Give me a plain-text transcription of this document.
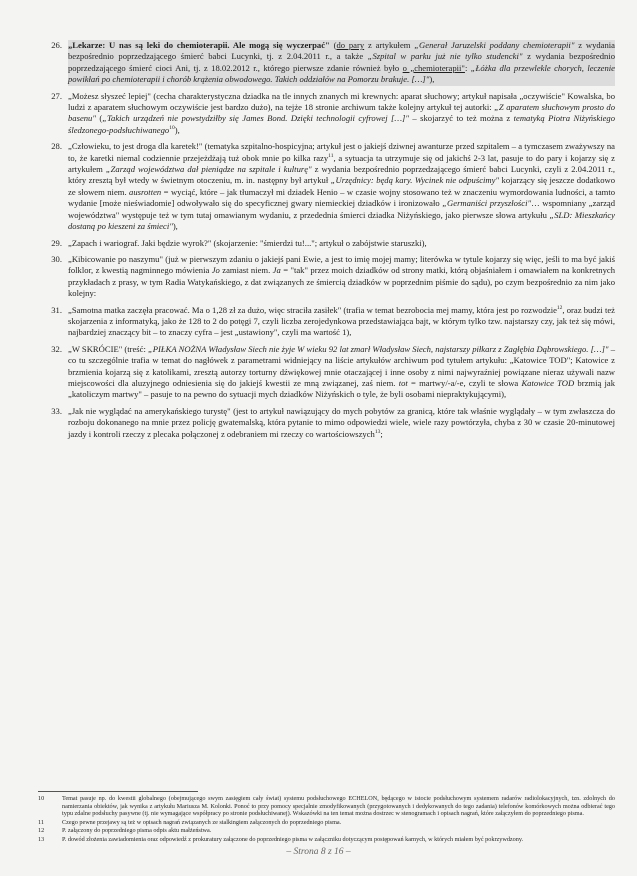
26. „Lekarze: U nas są leki do chemioterapii. Ale mogą się wyczerpać" (do pary z artykułem „Generał Jaruzelski poddany chemioterapii" z wydania bezpośrednio poprzedzającego śmierć babci Lucynki, tj. z 2.04.2011 r., a także „Szpital w parku już nie tylko studencki" z wydania bezpośrednio poprzedzającego śmierć cioci Ani, tj. z 18.02.2012 r., którego pierwsze zdanie również było o „chemioterapii": „Łóżka dla przewlekle chorych, leczenie powikłań po chemioterapii i chorób krążenia obwodowego. Takich oddziałów na Pomorzu brakuje. […]"),
27. „Możesz słyszeć lepiej" (cecha charakterystyczna dziadka na tle innych znanych mi krewnych: aparat słuchowy; artykuł napisała „oczywiście" Kowalska, bo ludzi z aparatem słuchowym oczywiście jest bardzo dużo), na tejże 18 stronie archiwum także kolejny artykuł tej autorki: „Z aparatem słuchowym prosto do basenu" („Takich urządzeń nie powstydziłby się James Bond. Dzięki technologii cyfrowej […]" – skojarzyć to też można z tematyką Piotra Niżyńskiego śledzonego-podsłuchiwanego$^{10}$),
28. „Człowieku, to jest droga dla karetek!" (tematyka szpitalno-hospicyjna; artykuł jest o jakiejś dziwnej awanturze przed szpitalem – a tymczasem zważywszy na to, że karetki niemal codziennie przejeżdżają tuż obok mnie po kilka razy$^{11}$, a sytuacja ta utrzymuje się od jakichś 2-3 lat, pasuje to do pary i kojarzy się z artykułem „Zarząd województwa dał pieniądze na szpitale i kulturę" z wydania bezpośrednio poprzedzającego śmierć babci Lucynki, czyli z 2.04.2011 r., który zresztą był wtedy w świetnym otoczeniu, m. in. następny był artykuł „Urzędnicy: będą kary. Wycinek nie odpuścimy" kojarzący się jeszcze dodatkowo ze słowem niem. ausrotten = wyciąć, które – jak tłumaczył mi dziadek Henio – w czasie wojny stosowano też w znaczeniu wymordowania ludności, a tamto wydanie [może nieświadomie] odwoływało się do specyficznej gwary niemieckiej dziadków i ironizowało „Germaniści przyszłości"… wspomniany „zarząd województwa" występuje też w tym tutaj omawianym wydaniu, z przedednia śmierci dziadka Niżyńskiego, jako pierwsze słowa artykułu „SLD: Mieszkańcy dostaną po kieszeni za śmieci"),
29. „Zapach i wariograf. Jaki będzie wyrok?" (skojarzenie: "śmierdzi tu!..."; artykuł o zabójstwie staruszki),
30. „Kibicowanie po naszymu" (już w pierwszym zdaniu o jakiejś pani Ewie, a jest to imię mojej mamy; literówka w tytule kojarzy się więc, jeśli to ma być jakiś folklor, z kwestią nagminnego mówienia Jo zamiast niem. Ja = "tak" przez moich dziadków od strony matki, którą objaśniałem i omawiałem na konkretnych przykładach z prasy, w tym Radia Watykańskiego, z dat związanych ze śmiercią dziadków w poprzednim piśmie do sądu), po czym bezpośrednio za nim jako kolejny:
31. „Samotna matka zaczęła pracować. Ma o 1,28 zł za dużo, więc straciła zasiłek" (trafia w temat bezrobocia mej mamy, która jest po rozwodzie$^{12}$, oraz budzi też skojarzenia z informatyką, jako że 128 to 2 do potęgi 7, czyli liczba zerojedynkowa przedstawiająca bajt, w którym tylko tzw. najstarszy czy, jak też się mówi, najbardziej znaczący bit – to znaczy cyfra – jest „ustawiony", czyli ma wartość 1),
32. „W SKRÓCIE" (treść: „PIŁKA NOŻNA Władysław Siech nie żyje W wieku 92 lat zmarł Władysław Siech, najstarszy piłkarz z Zagłębia Dąbrowskiego. […]" – co tu szczególnie trafia w temat do nagłówek z parametrami widniejący na liście artykułów archiwum pod tytułem artykułu: „Katowice TOD"; Katowice z brzmienia kojarzą się z katolikami, zresztą autorzy torturny dźwiękowej mnie otaczającej i inne osoby z nimi najwyraźniej powiązane nieraz używali nazw miejscowości dla aluzyjnego odniesienia się do jakiejś kwestii ze mną związanej, zaś niem. tot = martwy/-a/-e, czyli te słowa Katowice TOD brzmią jak „katoliczym martwy" – pasuje to na pewno do sytuacji mych dziadków Niżyńskich o tyle, że byli osobami niepraktykującymi),
33. „Jak nie wyglądać na amerykańskiego turystę" (jest to artykuł nawiązujący do mych pobytów za granicą, które tak właśnie wyglądały – w tym zwłaszcza do rozboju dokonanego na mnie przez policję gwatemalską, która pytanie to mimo odpowiedzi wiele, wiele razy powtórzyła, chyba z 30 w czasie 20-minutowej jazdy i kontroli rzeczy z plecaka połączonej z odebraniem mi rzeczy co wartościowszych$^{13}$;
10	Temat pasuje np. do kwestii globalnego (obejmującego swym zasięgiem cały świat) systemu podsłuchowego ECHELON, będącego w istocie podsłuchowym systemem radarów radiolokacyjnych, tzn. zdolnych do namierzania obiektów, jak wynika z artykułu Mariusza M. Kolonki. Ponoć to przy pomocy specjalnie zmodyfikowanych (przygotowanych i dedykowanych do tego zadania) telefonów komórkowych można odbierać tego typu zdalne podsłuchy pasywne (tj. nie wymagające współpracy po stronie podsłuchiwanej). Wskazówki na ten temat można dostrzec w stenogramach i opisach nagrań, które załączyłem do poprzedniego pisma.
11	Czego pewne przejawy są też w opisach nagrań związanych ze stalkingiem załączonych do poprzedniego pisma.
12	P. załączony do poprzedniego pisma odpis aktu małżeństwa.
13	P. dowód złożenia zawiadomienia oraz odpowiedź z prokuratury załączone do poprzedniego pisma w załączniku dotyczącym postępowań karnych, w których miałem być pokrzywdzony.
– Strona 8 z 16 –
